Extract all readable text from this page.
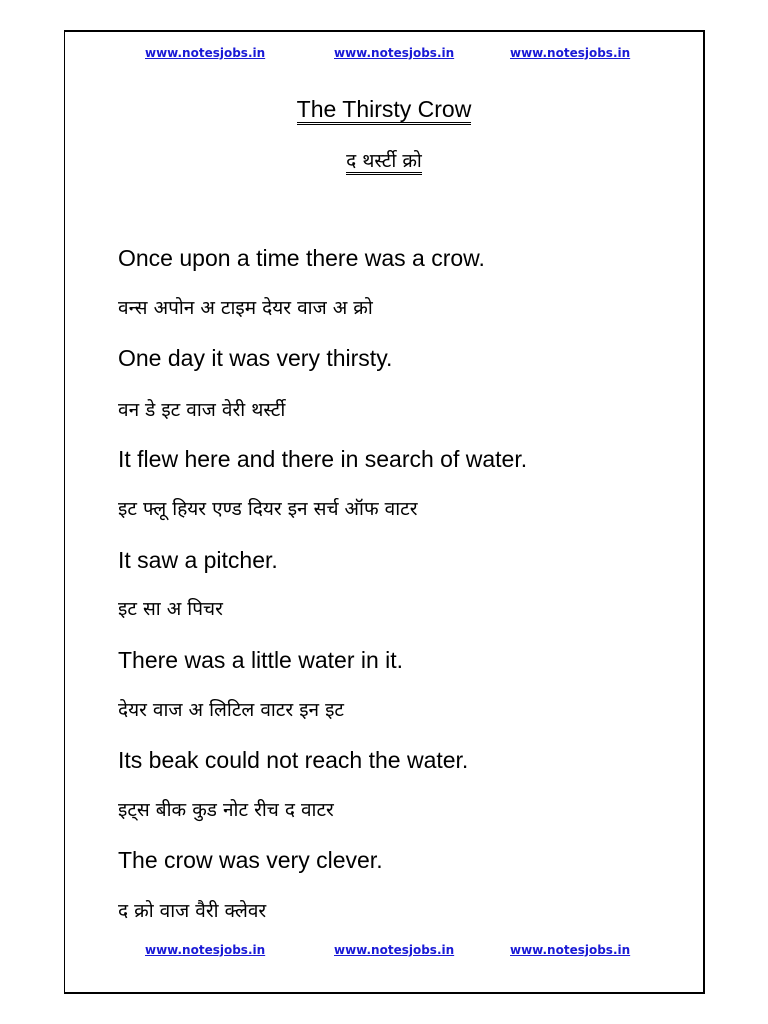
www.notesjobs.in	www.notesjobs.in	www.notesjobs.in
The Thirsty Crow
द थर्स्टी क्रो
Once upon a time there was a crow.
वन्स अपोन अ टाइम देयर वाज अ क्रो
One day it was very thirsty.
वन डे इट वाज वेरी थर्स्टी
It flew here and there in search of water.
इट फ्लू हियर एण्ड दियर इन सर्च ऑफ वाटर
It saw a pitcher.
इट सा अ पिचर
There was a little water in it.
देयर वाज अ लिटिल वाटर इन इट
Its beak could not reach the water.
इट्स बीक कुड नोट रीच द वाटर
The crow was very clever.
द क्रो वाज वैरी क्लेवर
www.notesjobs.in	www.notesjobs.in	www.notesjobs.in
